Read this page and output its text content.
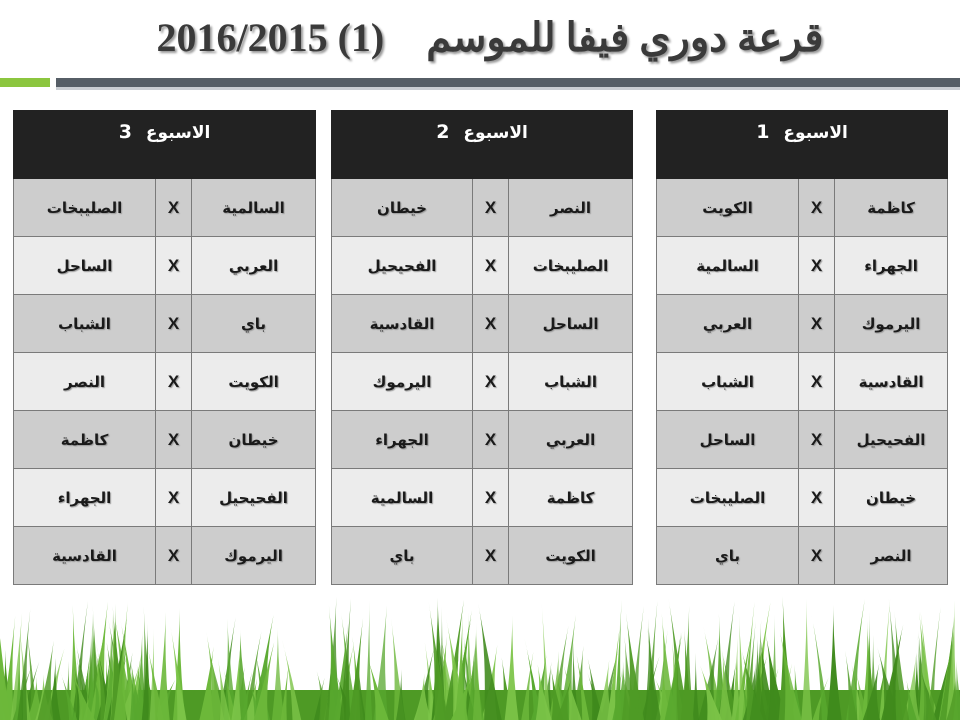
قرعة دوري فيفا للموسم 2016/2015 (1)
الاسبوع3		
السالمية	X	الصليبخات
العربي	X	الساحل
باي	X	الشباب
الكويت	X	النصر
خيطان	X	كاظمة
الفحيحيل	X	الجهراء
اليرموك	X	القادسية
الاسبوع2		
النصر	X	خيطان
الصليبخات	X	الفحيحيل
الساحل	X	القادسية
الشباب	X	اليرموك
العربي	X	الجهراء
كاظمة	X	السالمية
الكويت	X	باي
الاسبوع1		
كاظمة	X	الكويت
الجهراء	X	السالمية
اليرموك	X	العربي
القادسية	X	الشباب
الفحيحيل	X	الساحل
خيطان	X	الصليبخات
النصر	X	باي
